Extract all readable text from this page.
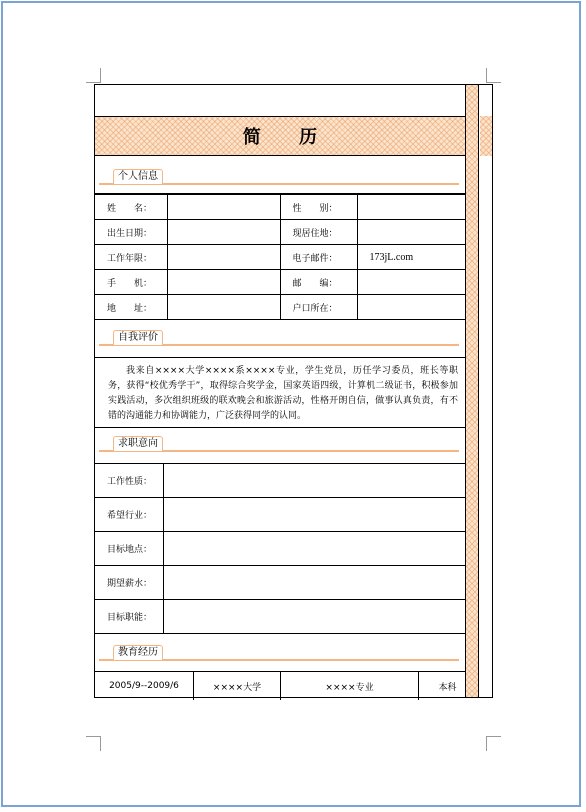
简 历
个人信息
姓　　名：		性　　别：	
出生日期：		现居住地：	
工作年限：		电子邮件：	173jL.com
手　　机：		邮　　编：	
地　　址：		户口所在：	
自我评价
我来自××××大学××××系××××专业，学生党员，历任学习委员，班长等职务，获得“校优秀学干”，取得综合奖学金，国家英语四级，计算机二级证书，积极参加实践活动，多次组织班级的联欢晚会和旅游活动，性格开朗自信，做事认真负责，有不错的沟通能力和协调能力，广泛获得同学的认同。
求职意向
工作性质：	
希望行业：	
目标地点：	
期望薪水：	
目标职能：	
教育经历
2005/9--2009/6	××××大学	××××专业	本科
